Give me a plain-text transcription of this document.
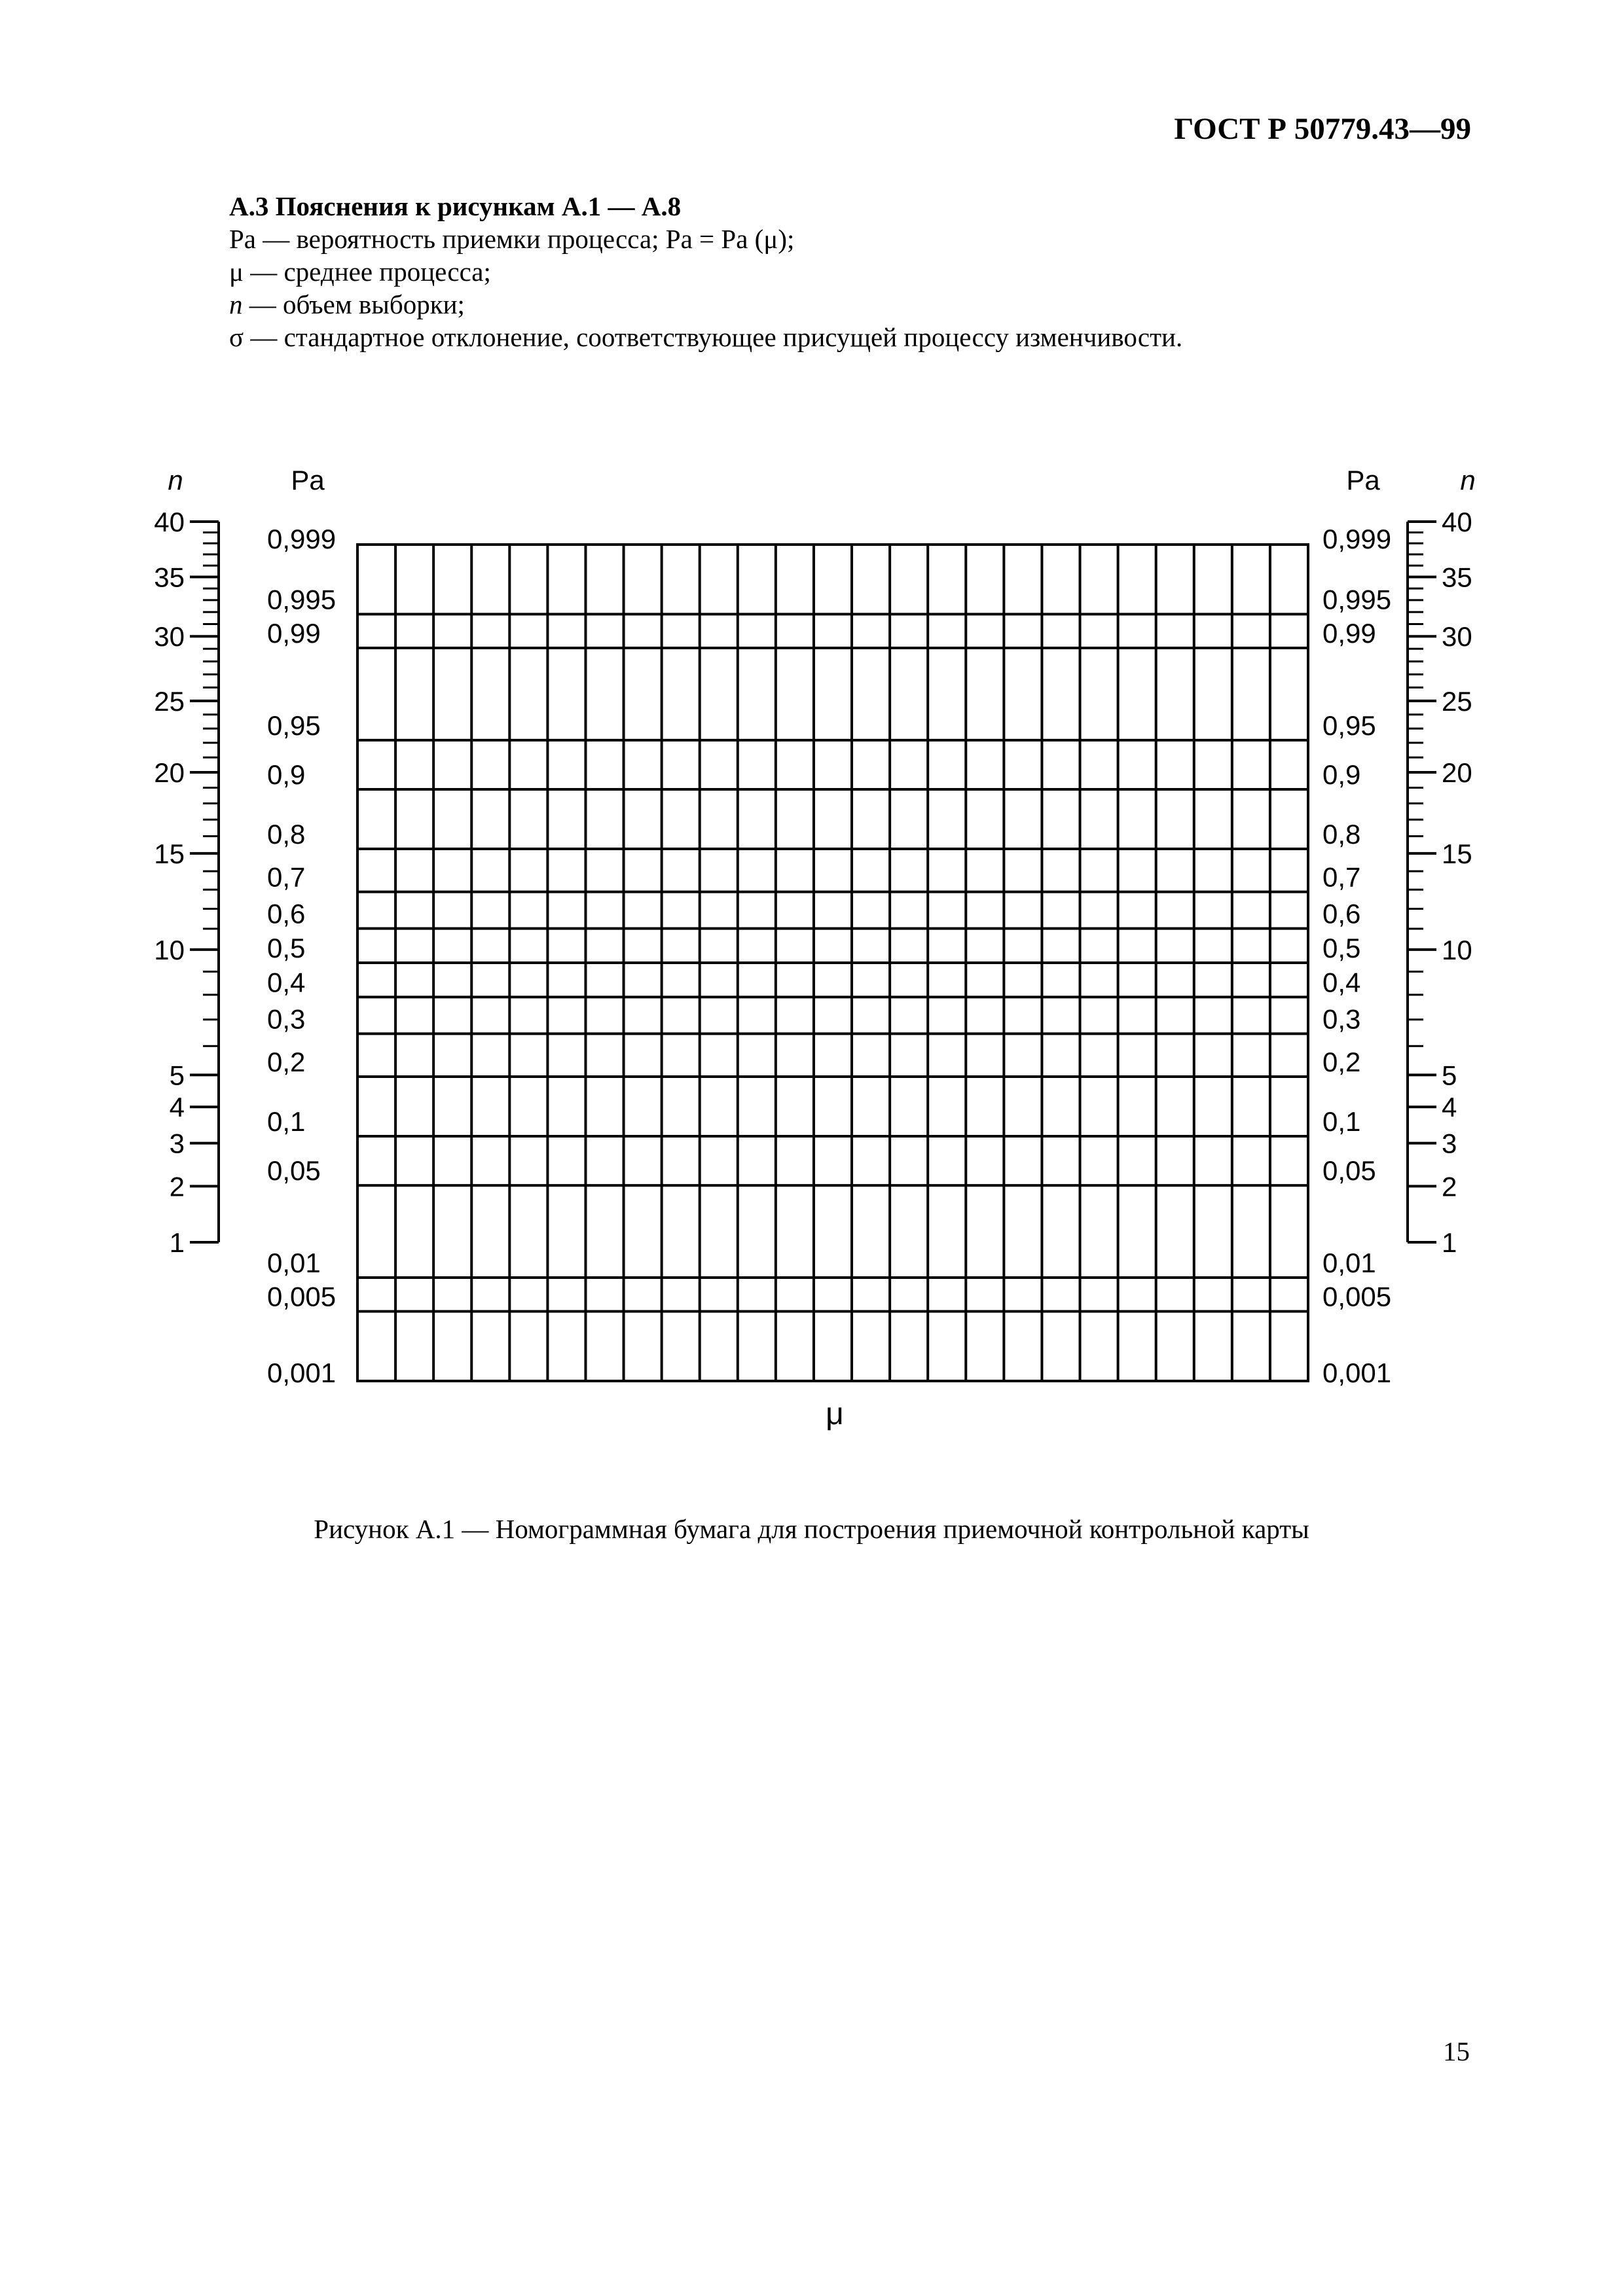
ГОСТ Р 50779.43—99

А.3 Пояснения к рисункам А.1 — А.8

Ра — вероятность приемки процесса; Ра = Ра (μ);

μ — среднее процесса;

n — объем выборки;

σ — стандартное отклонение, соответствующее присущей процессу изменчивости.

1
2
3
4
5
10
15
20
25
30
35
40
1
2
3
4
5
10
15
20
25
30
35
40
0,999
0,995
0,99
0,95
0,9
0,8
0,7
0,6
0,5
0,4
0,3
0,2
0,1
0,05
0,01
0,005
0,001
0,999
0,995
0,99
0,95
0,9
0,8
0,7
0,6
0,5
0,4
0,3
0,2
0,1
0,05
0,01
0,005
0,001
n	Pa	Pa	n
μ

Рисунок А.1 — Номограммная бумага для построения приемочной контрольной карты

15
